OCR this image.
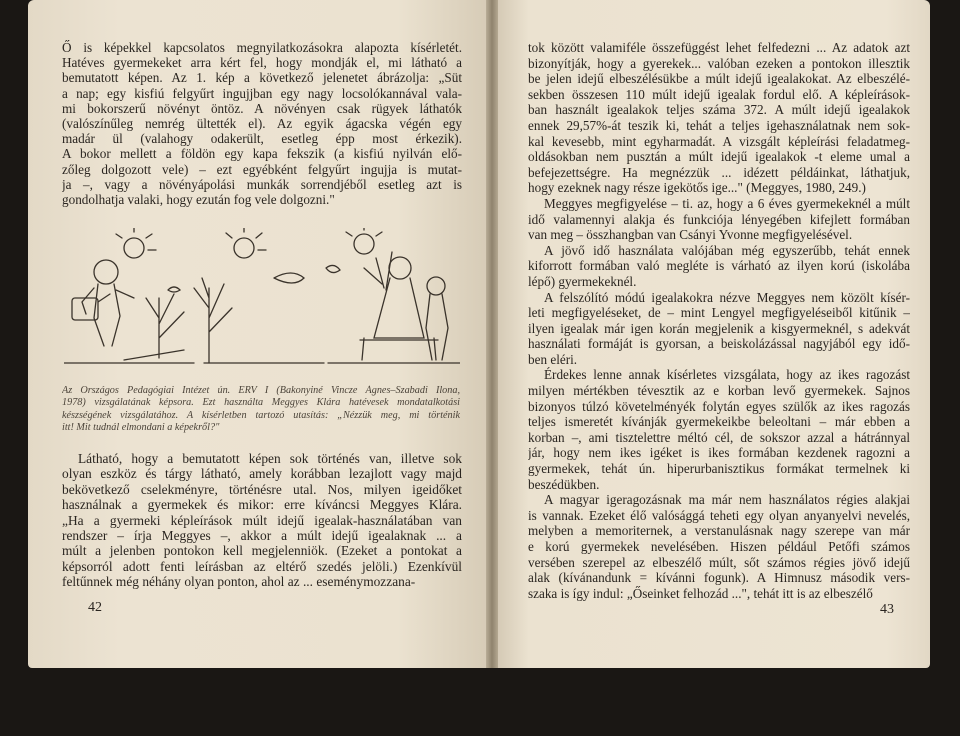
Ő is képekkel kapcsolatos megnyilatkozásokra alapozta kísérletét.
Hatéves gyermekeket arra kért fel, hogy mondják el, mi látható a
bemutatott képen. Az 1. kép a következő jelenetet ábrázolja: „Süt
a nap; egy kisfiú felgyűrt ingujjban egy nagy locsolókannával vala-
mi bokorszerű növényt öntöz. A növényen csak rügyek láthatók
(valószínűleg nemrég ültették el). Az egyik ágacska végén egy
madár ül (valahogy odakerült, esetleg épp most érkezik).
A bokor mellett a földön egy kapa fekszik (a kisfiú nyilván elő-
zőleg dolgozott vele) – ezt egyébként felgyűrt ingujja is mutat-
ja –, vagy a növényápolási munkák sorrendjéből esetleg azt is
gondolhatja valaki, hogy ezután fog vele dolgozni."
Az Országos Pedagógiai Intézet ún. ERV I (Bakonyiné Vincze Ágnes–Szabadi Ilona,
1978) vizsgálatának képsora. Ezt használta Meggyes Klára hatévesek mondatalkotási
készségének vizsgálatához. A kísérletben tartozó utasítás: „Nézzük meg, mi történik
itt! Mit tudnál elmondani a képekről?"
Látható, hogy a bemutatott képen sok történés van, illetve sok
olyan eszköz és tárgy látható, amely korábban lezajlott vagy majd
bekövetkező cselekményre, történésre utal. Nos, milyen igeidőket
használnak a gyermekek és mikor: erre kíváncsi Meggyes Klára.
„Ha a gyermeki képleírások múlt idejű igealak-használatában van
rendszer – írja Meggyes –, akkor a múlt idejű igealaknak ... a
múlt a jelenben pontokon kell megjelenniök. (Ezeket a pontokat a
képsorról adott fenti leírásban az eltérő szedés jelöli.) Ezenkívül
feltűnnek még néhány olyan ponton, ahol az ... eseménymozzana-
42
tok között valamiféle összefüggést lehet felfedezni ... Az adatok azt
bizonyítják, hogy a gyerekek... valóban ezeken a pontokon illesztik
be jelen idejű elbeszélésükbe a múlt idejű igealakokat. Az elbeszélé-
sekben összesen 110 múlt idejű igealak fordul elő. A képleírások-
ban használt igealakok teljes száma 372. A múlt idejű igealakok
ennek 29,57%-át teszik ki, tehát a teljes igehasználatnak nem sok-
kal kevesebb, mint egyharmadát. A vizsgált képleírási feladatmeg-
oldásokban nem pusztán a múlt idejű igealakok -t eleme umal a
befejezettségre. Ha megnézzük ... idézett példáinkat, láthatjuk,
hogy ezeknek nagy része igekötős ige..." (Meggyes, 1980, 249.)
Meggyes megfigyelése – ti. az, hogy a 6 éves gyermekeknél a múlt
idő valamennyi alakja és funkciója lényegében kifejlett formában
van meg – összhangban van Csányi Yvonne megfigyelésével.
A jövő idő használata valójában még egyszerűbb, tehát ennek
kiforrott formában való megléte is várható az ilyen korú (iskolába
lépő) gyermekeknél.
A felszólító módú igealakokra nézve Meggyes nem közölt kísér-
leti megfigyeléseket, de – mint Lengyel megfigyeléseiből kitűnik –
ilyen igealak már igen korán megjelenik a kisgyermeknél, s adekvát
használati formáját is gyorsan, a beiskolázással nagyjából egy idő-
ben eléri.
Érdekes lenne annak kísérletes vizsgálata, hogy az ikes ragozást
milyen mértékben tévesztik az e korban levő gyermekek. Sajnos
bizonyos túlzó követelményék folytán egyes szülők az ikes ragozás
teljes ismeretét kívánják gyermekeikbe beleoltani – már ebben a
korban –, ami tisztelettre méltó cél, de sokszor azzal a hátránnyal
jár, hogy nem ikes igéket is ikes formában kezdenek ragozni a
gyermekek, tehát ún. hiperurbanisztikus formákat termelnek ki
beszédükben.
A magyar igeragozásnak ma már nem használatos régies alakjai
is vannak. Ezeket élő valósággá teheti egy olyan anyanyelvi nevelés,
melyben a memoriternek, a verstanulásnak nagy szerepe van már
e korú gyermekek nevelésében. Hiszen például Petőfi számos
versében szerepel az elbeszélő múlt, sőt számos régies jövő idejű
alak (kívánandunk = kívánni fogunk). A Himnusz második vers-
szaka is így indul: „Őseinket felhozád ...", tehát itt is az elbeszélő
43
